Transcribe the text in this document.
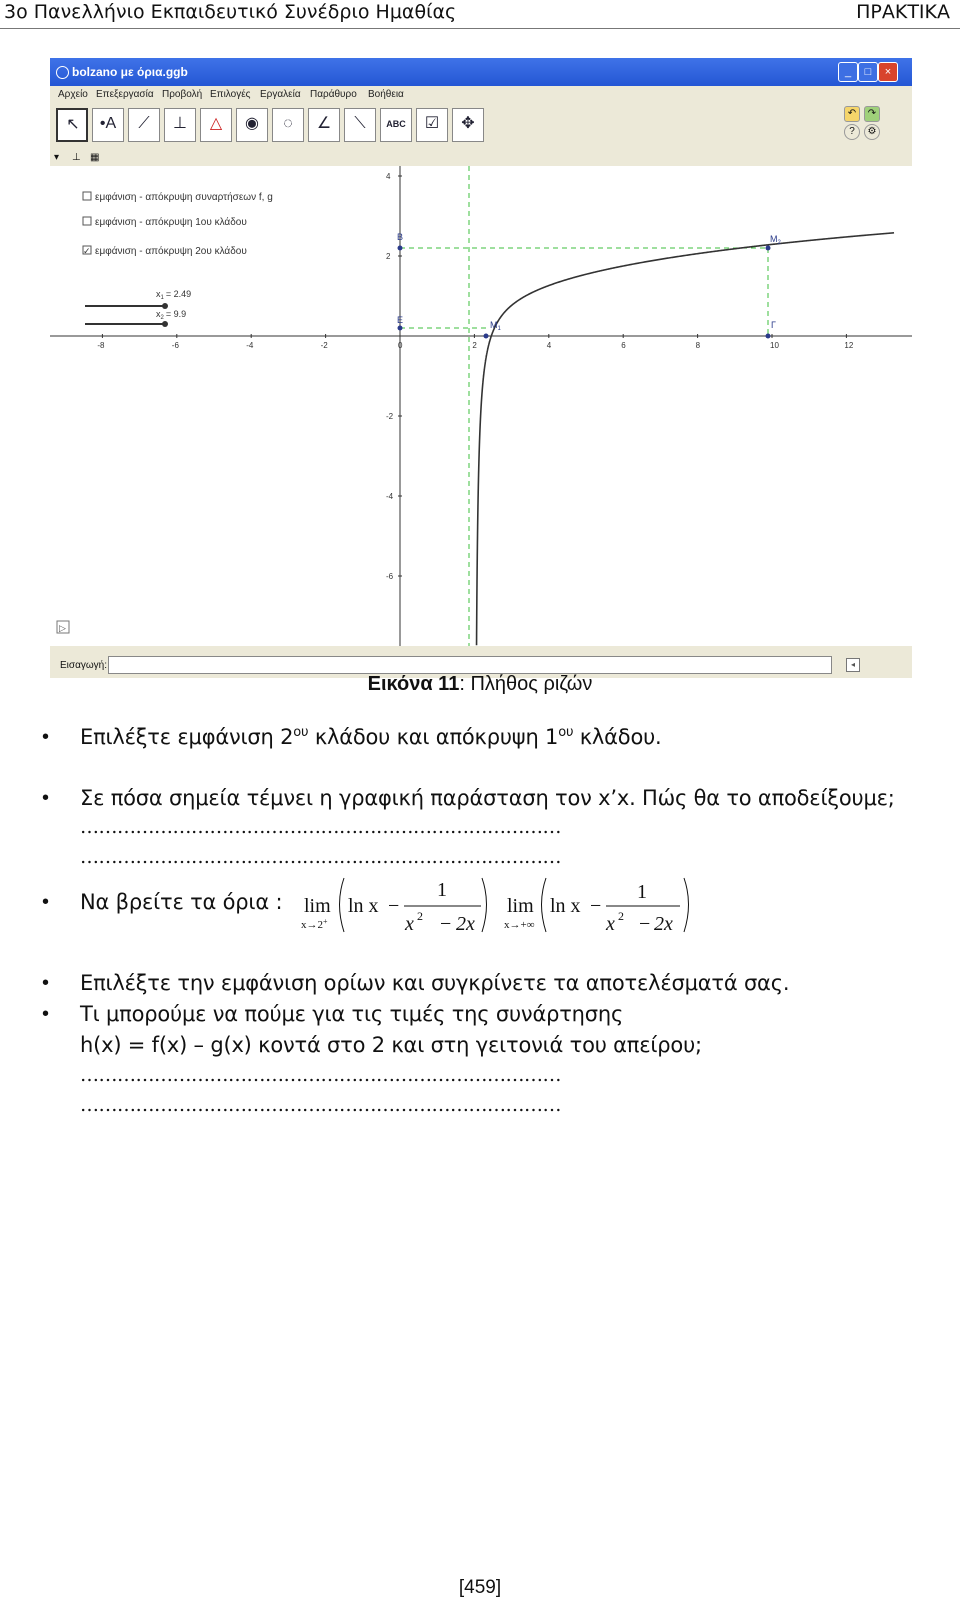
3ο Πανελλήνιο Εκπαιδευτικό Συνέδριο Ημαθίας	ΠΡΑΚΤΙΚΑ
bolzano με όρια.ggb	_	□	×
Αρχείο Επεξεργασία Προβολή Επιλογές Εργαλεία Παράθυρο Βοήθεια
↖ •A	⟋	⊥	△	◉	◌	∠	⟍	ABC ☑ ✥
↶	↷
?	⚙
▾ ⊥ ▦
-8	-6	-4	-2	0	2	4	6	8	10	12
4
2
-2
-4
-6
B
E	$M_1$
$M_2$
Γ
εμφάνιση - απόκρυψη συναρτήσεων f, g
εμφάνιση - απόκρυψη 1ου κλάδου
✓ εμφάνιση - απόκρυψη 2ου κλάδου
$x_1 = 2.49$
$x_2 = 9.9$
▷
Εισαγωγή:	◂
Εικόνα 11: Πλήθος ριζών
• Επιλέξτε εμφάνιση $2^{o\upsilon}$ κλάδου και απόκρυψη $1^{o\upsilon}$ κλάδου.
• Σε πόσα σημεία τέμνει η γραφική παράσταση τον x’x. Πώς θα το αποδείξουμε;
……………………………………………………………………
……………………………………………………………………
• Να βρείτε τα όρια : lim
x→2+
ln x −
1
x 2 − 2x
lim
x→+∞
ln x −
1
x 2 − 2x
• Επιλέξτε την εμφάνιση ορίων και συγκρίνετε τα αποτελέσματά σας.
• Τι μπορούμε να πούμε για τις τιμές της συνάρτησης
h(x) = f(x) – g(x) κοντά στο 2 και στη γειτονιά του απείρου;
……………………………………………………………………
……………………………………………………………………
[459]
